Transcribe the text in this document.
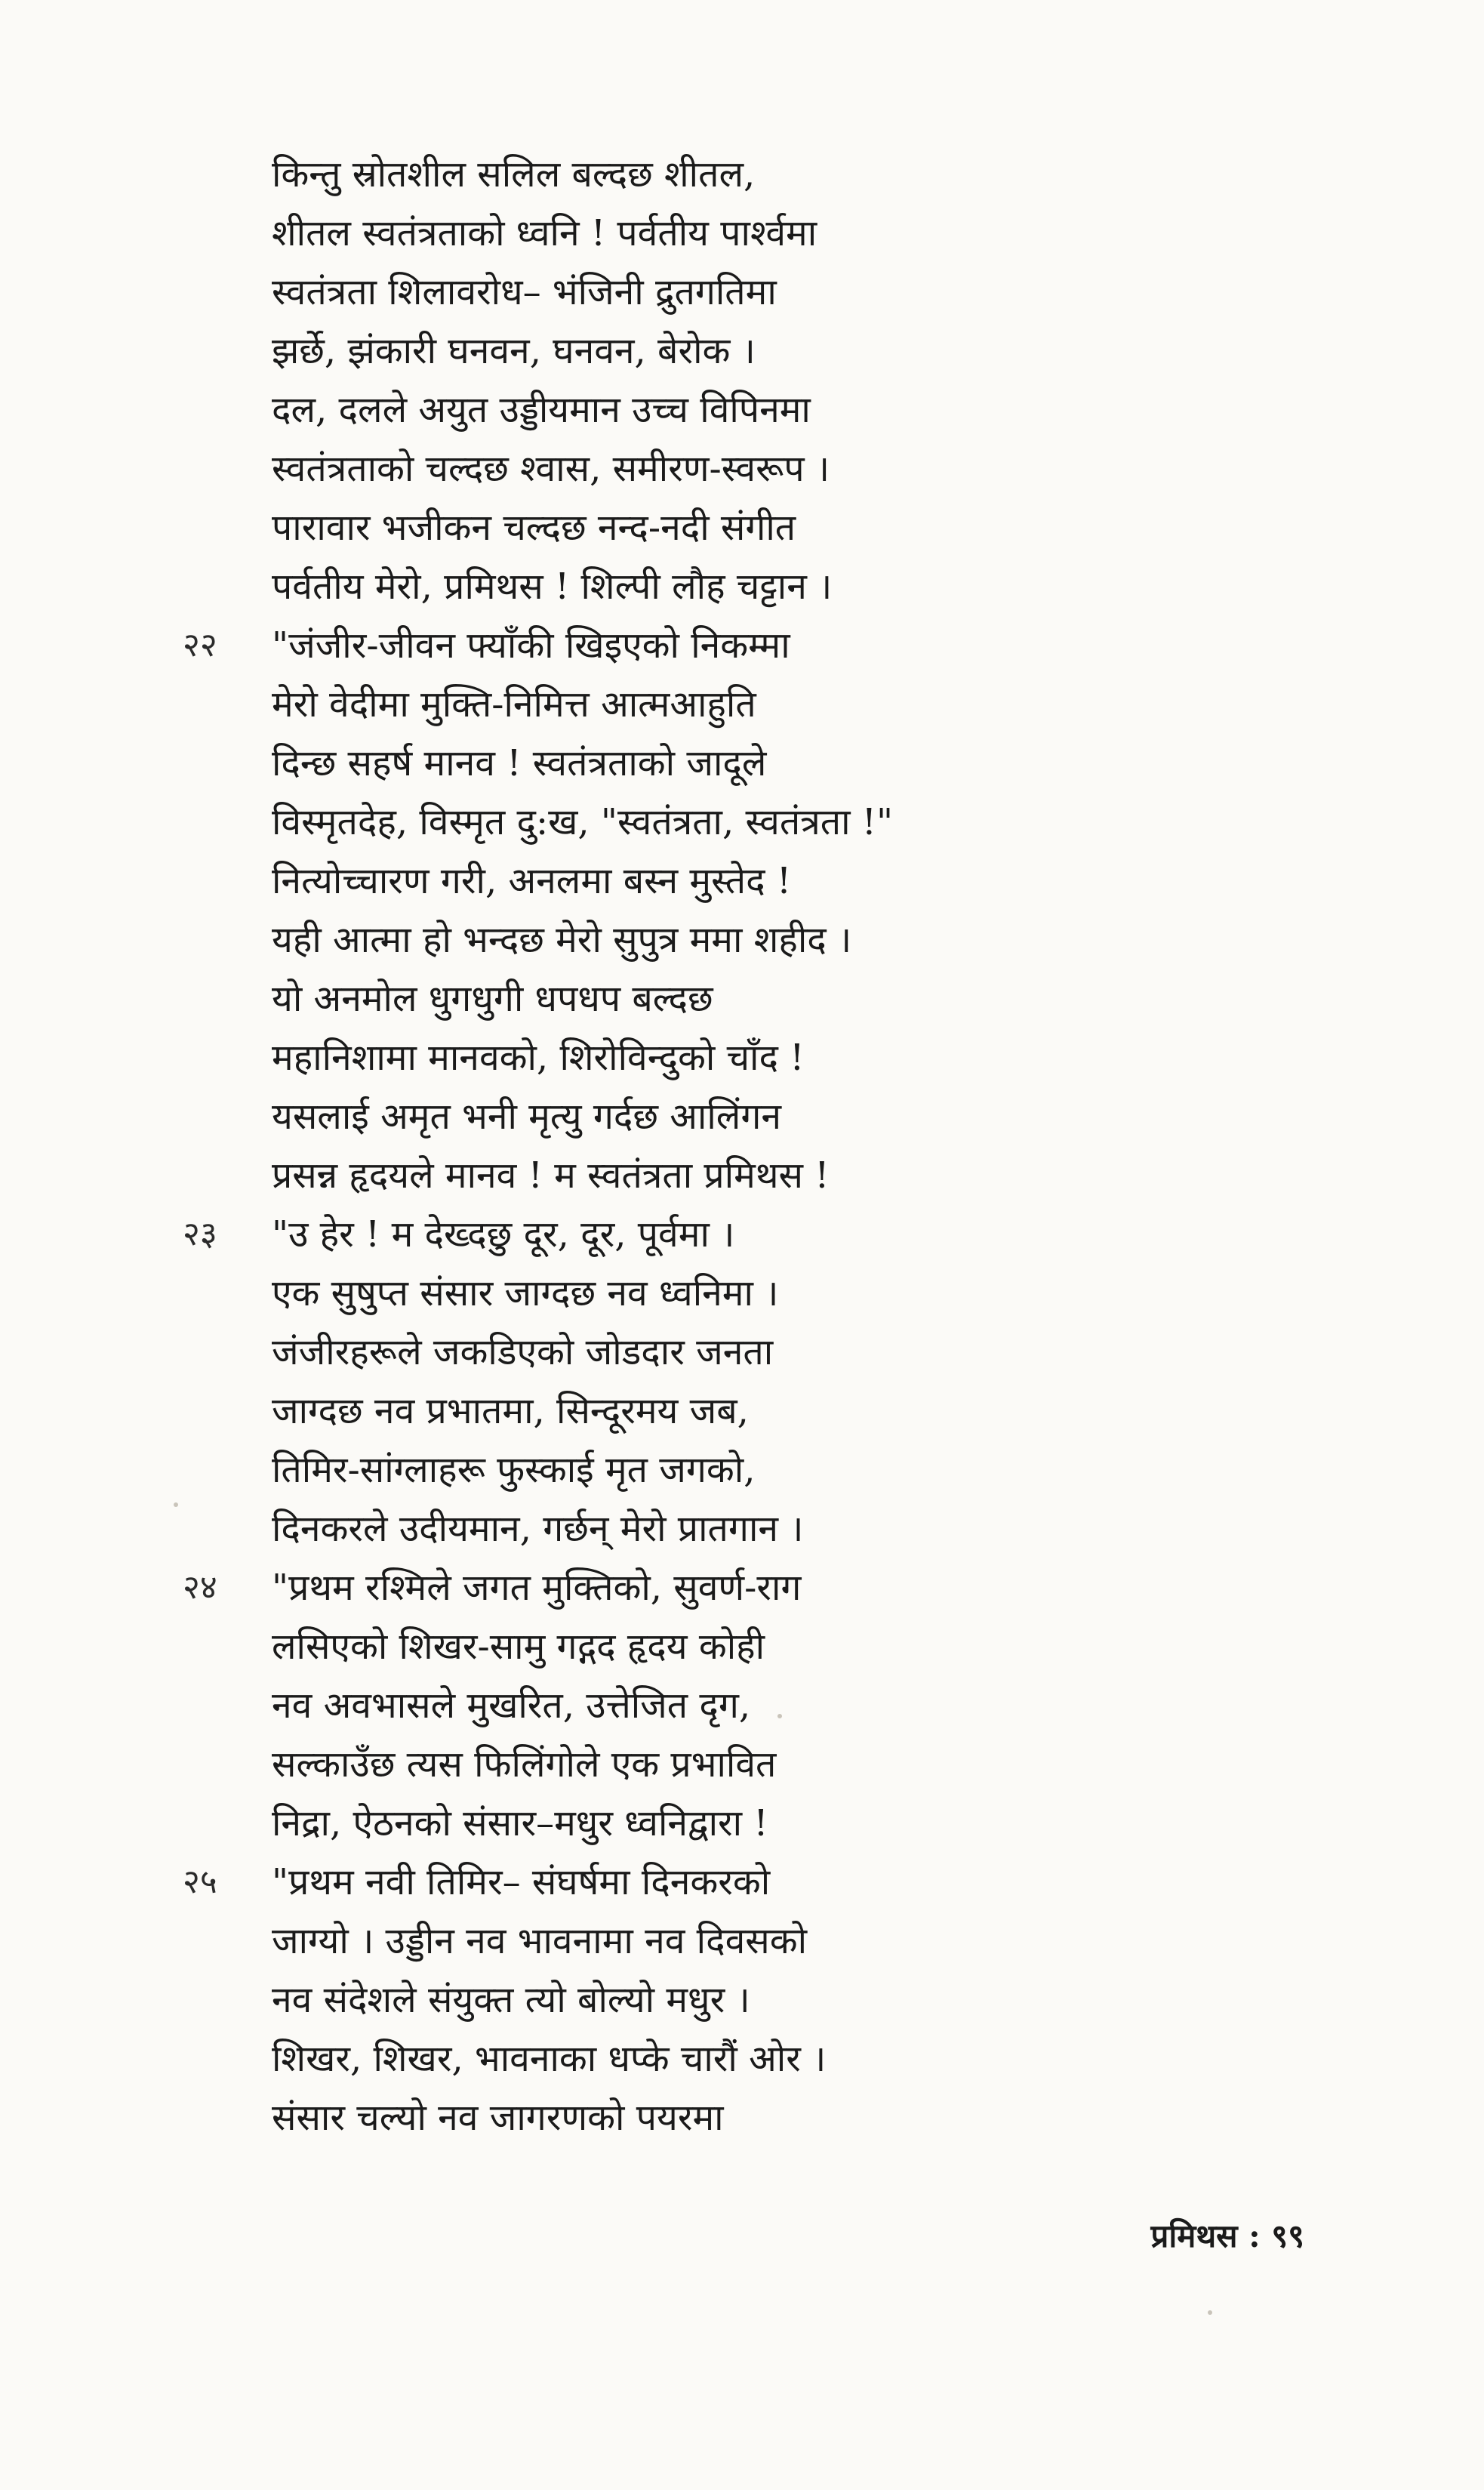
किन्तु स्रोतशील सलिल बल्दछ शीतल,
शीतल स्वतंत्रताको ध्वनि ! पर्वतीय पार्श्वमा
स्वतंत्रता शिलावरोध– भंजिनी द्रुतगतिमा
झर्छे, झंकारी घनवन, घनवन, बेरोक ।
दल, दलले अयुत उड्डीयमान उच्च विपिनमा
स्वतंत्रताको चल्दछ श्वास, समीरण-स्वरूप ।
पारावार भजीकन चल्दछ नन्द-नदी संगीत
पर्वतीय मेरो, प्रमिथस ! शिल्पी लौह चट्टान ।
२२ "जंजीर-जीवन फ्याँकी खिइएको निकम्मा
मेरो वेदीमा मुक्ति-निमित्त आत्मआहुति
दिन्छ सहर्ष मानव ! स्वतंत्रताको जादूले
विस्मृतदेह, विस्मृत दु:ख, "स्वतंत्रता, स्वतंत्रता !"
नित्योच्चारण गरी, अनलमा बस्न मुस्तेद !
यही आत्मा हो भन्दछ मेरो सुपुत्र ममा शहीद ।
यो अनमोल धुगधुगी धपधप बल्दछ
महानिशामा मानवको, शिरोविन्दुको चाँद !
यसलाई अमृत भनी मृत्यु गर्दछ आलिंगन
प्रसन्न हृदयले मानव ! म स्वतंत्रता प्रमिथस !
२३ "उ हेर ! म देख्दछु दूर, दूर, पूर्वमा ।
एक सुषुप्त संसार जाग्दछ नव ध्वनिमा ।
जंजीरहरूले जकडिएको जोडदार जनता
जाग्दछ नव प्रभातमा, सिन्दूरमय जब,
तिमिर-सांग्लाहरू फुस्काई मृत जगको,
दिनकरले उदीयमान, गर्छन् मेरो प्रातगान ।
२४ "प्रथम रश्मिले जगत मुक्तिको, सुवर्ण-राग
लसिएको शिखर-सामु गद्गद हृदय कोही
नव अवभासले मुखरित, उत्तेजित दृग,
सल्काउँछ त्यस फिलिंगोले एक प्रभावित
निद्रा, ऐठनको संसार–मधुर ध्वनिद्वारा !
२५ "प्रथम नवी तिमिर– संघर्षमा दिनकरको
जाग्यो । उड्डीन नव भावनामा नव दिवसको
नव संदेशले संयुक्त त्यो बोल्यो मधुर ।
शिखर, शिखर, भावनाका धप्के चारौं ओर ।
संसार चल्यो नव जागरणको पयरमा
प्रमिथस : ९९
